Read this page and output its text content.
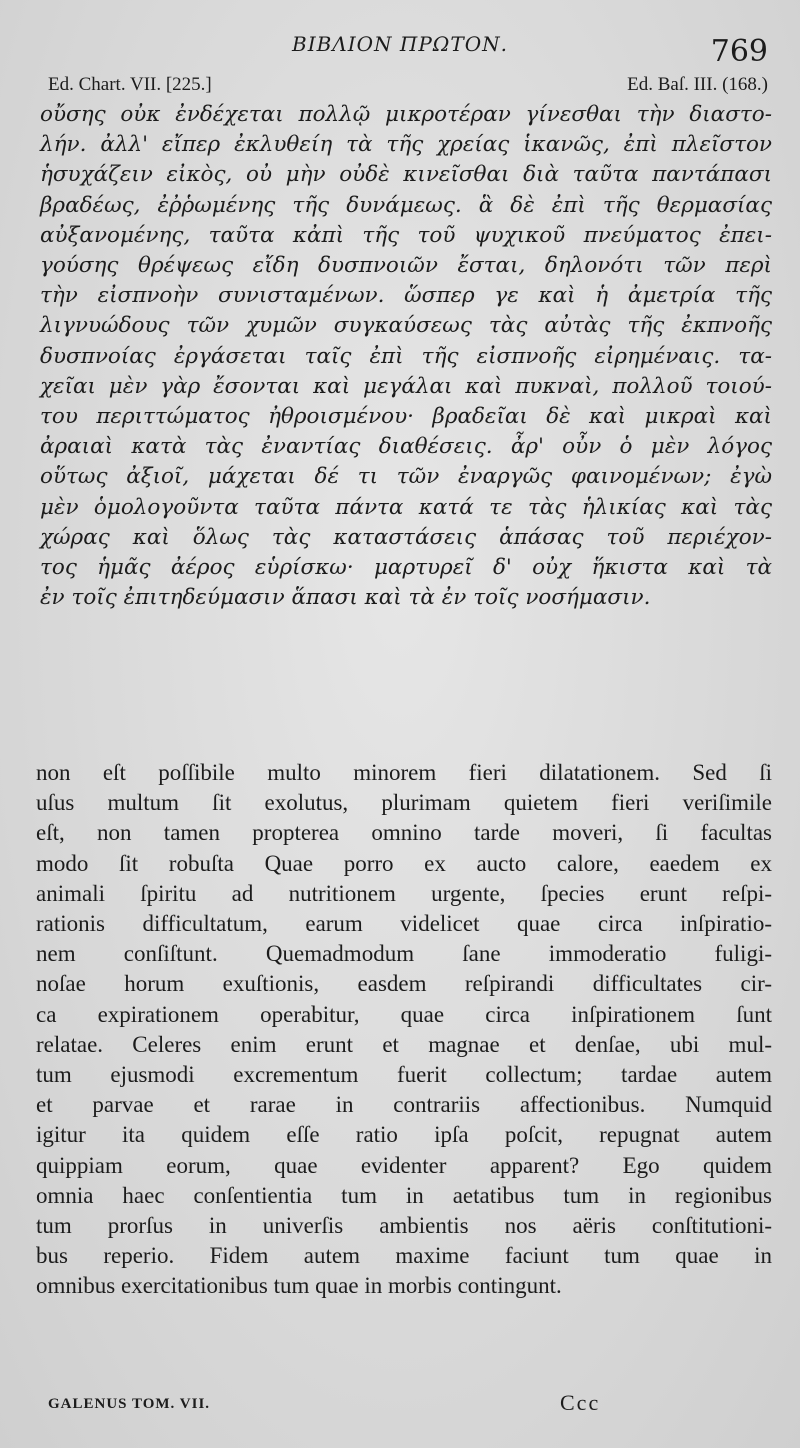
ΒΙΒΛΙΟΝ ΠΡΩΤΟΝ.	769
Ed. Chart. VII. [225.]	Ed. Baſ. III. (168.)
οὔσης οὐκ ἐνδέχεται πολλῷ μικροτέραν γίνεσθαι τὴν διαστο-
λήν. ἀλλ' εἴπερ ἐκλυθείη τὰ τῆς χρείας ἱκανῶς, ἐπὶ πλεῖστον
ἡσυχάζειν εἰκὸς, οὐ μὴν οὐδὲ κινεῖσθαι διὰ ταῦτα παντάπασι
βραδέως, ἐῤῥωμένης τῆς δυνάμεως. ἃ δὲ ἐπὶ τῆς θερμασίας
αὐξανομένης, ταῦτα κἀπὶ τῆς τοῦ ψυχικοῦ πνεύματος ἐπει-
γούσης θρέψεως εἴδη δυσπνοιῶν ἔσται, δηλονότι τῶν περὶ
τὴν εἰσπνοὴν συνισταμένων. ὥσπερ γε καὶ ἡ ἀμετρία τῆς
λιγνυώδους τῶν χυμῶν συγκαύσεως τὰς αὐτὰς τῆς ἐκπνοῆς
δυσπνοίας ἐργάσεται ταῖς ἐπὶ τῆς εἰσπνοῆς εἰρημέναις. τα-
χεῖαι μὲν γὰρ ἔσονται καὶ μεγάλαι καὶ πυκναὶ, πολλοῦ τοιού-
του περιττώματος ἠθροισμένου· βραδεῖαι δὲ καὶ μικραὶ καὶ
ἀραιαὶ κατὰ τὰς ἐναντίας διαθέσεις. ἆρ' οὖν ὁ μὲν λόγος
οὕτως ἀξιοῖ, μάχεται δέ τι τῶν ἐναργῶς φαινομένων; ἐγὼ
μὲν ὁμολογοῦντα ταῦτα πάντα κατά τε τὰς ἡλικίας καὶ τὰς
χώρας καὶ ὅλως τὰς καταστάσεις ἁπάσας τοῦ περιέχον-
τος ἡμᾶς ἀέρος εὑρίσκω· μαρτυρεῖ δ' οὐχ ἥκιστα καὶ τὰ
ἐν τοῖς ἐπιτηδεύμασιν ἅπασι καὶ τὰ ἐν τοῖς νοσήμασιν.
non eſt poſſibile multo minorem fieri dilatationem. Sed ſi
uſus multum ſit exolutus, plurimam quietem fieri veriſimile
eſt, non tamen propterea omnino tarde moveri, ſi facultas
modo ſit robuſta Quae porro ex aucto calore, eaedem ex
animali ſpiritu ad nutritionem urgente, ſpecies erunt reſpi-
rationis difficultatum, earum videlicet quae circa inſpiratio-
nem conſiſtunt. Quemadmodum ſane immoderatio fuligi-
noſae horum exuſtionis, easdem reſpirandi difficultates cir-
ca expirationem operabitur, quae circa inſpirationem ſunt
relatae. Celeres enim erunt et magnae et denſae, ubi mul-
tum ejusmodi excrementum fuerit collectum; tardae autem
et parvae et rarae in contrariis affectionibus. Numquid
igitur ita quidem eſſe ratio ipſa poſcit, repugnat autem
quippiam eorum, quae evidenter apparent? Ego quidem
omnia haec conſentientia tum in aetatibus tum in regionibus
tum prorſus in univerſis ambientis nos aëris conſtitutioni-
bus reperio. Fidem autem maxime faciunt tum quae in
omnibus exercitationibus tum quae in morbis contingunt.
GALENUS TOM. VII.	Ccc
